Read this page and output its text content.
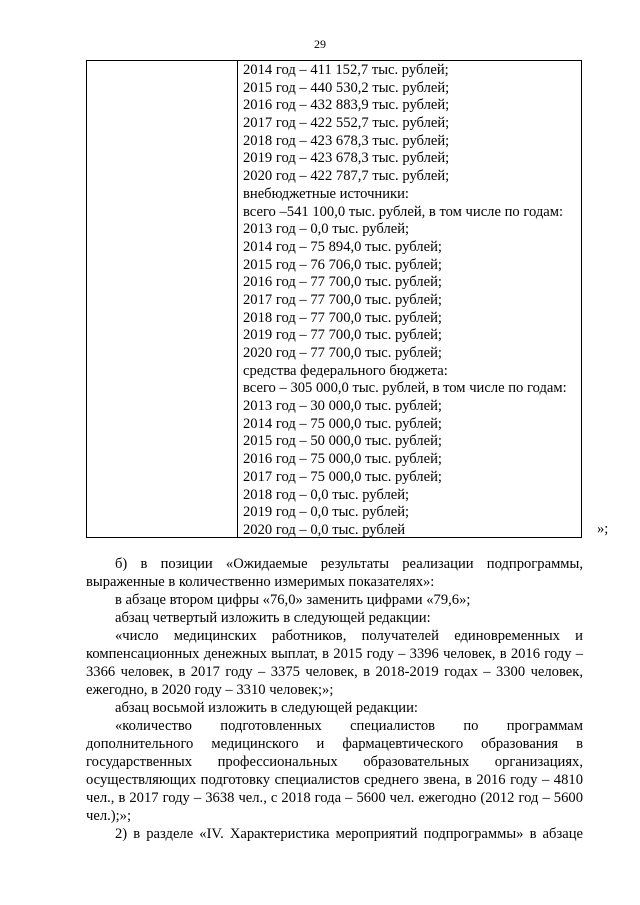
29
2014 год – 411 152,7 тыс. рублей;
2015 год – 440 530,2 тыс. рублей;
2016 год – 432 883,9 тыс. рублей;
2017 год – 422 552,7 тыс. рублей;
2018 год – 423 678,3 тыс. рублей;
2019 год – 423 678,3 тыс. рублей;
2020 год – 422 787,7 тыс. рублей;
внебюджетные источники:
всего –541 100,0 тыс. рублей, в том числе по годам:
2013 год – 0,0 тыс. рублей;
2014 год – 75 894,0 тыс. рублей;
2015 год – 76 706,0 тыс. рублей;
2016 год – 77 700,0 тыс. рублей;
2017 год – 77 700,0 тыс. рублей;
2018 год – 77 700,0 тыс. рублей;
2019 год – 77 700,0 тыс. рублей;
2020 год – 77 700,0 тыс. рублей;
средства федерального бюджета:
всего – 305 000,0 тыс. рублей, в том числе по годам:
2013 год – 30 000,0 тыс. рублей;
2014 год – 75 000,0 тыс. рублей;
2015 год – 50 000,0 тыс. рублей;
2016 год – 75 000,0 тыс. рублей;
2017 год – 75 000,0 тыс. рублей;
2018 год – 0,0 тыс. рублей;
2019 год – 0,0 тыс. рублей;
2020 год – 0,0 тыс. рублей	»;

б) в позиции «Ожидаемые результаты реализации подпрограммы, выраженные в количественно измеримых показателях»:

в абзаце втором цифры «76,0» заменить цифрами «79,6»;

абзац четвертый изложить в следующей редакции:

«число медицинских работников, получателей единовременных и компенсационных денежных выплат, в 2015 году – 3396 человек, в 2016 году – 3366 человек, в 2017 году – 3375 человек, в 2018-2019 годах – 3300 человек, ежегодно, в 2020 году – 3310 человек;»;

абзац восьмой изложить в следующей редакции:

«количество подготовленных специалистов по программам дополнительного медицинского и фармацевтического образования в государственных профессиональных образовательных организациях, осуществляющих подготовку специалистов среднего звена, в 2016 году – 4810 чел., в 2017 году – 3638 чел., с 2018 года – 5600 чел. ежегодно (2012 год – 5600 чел.);»;

2) в разделе «IV. Характеристика мероприятий подпрограммы» в абзаце
